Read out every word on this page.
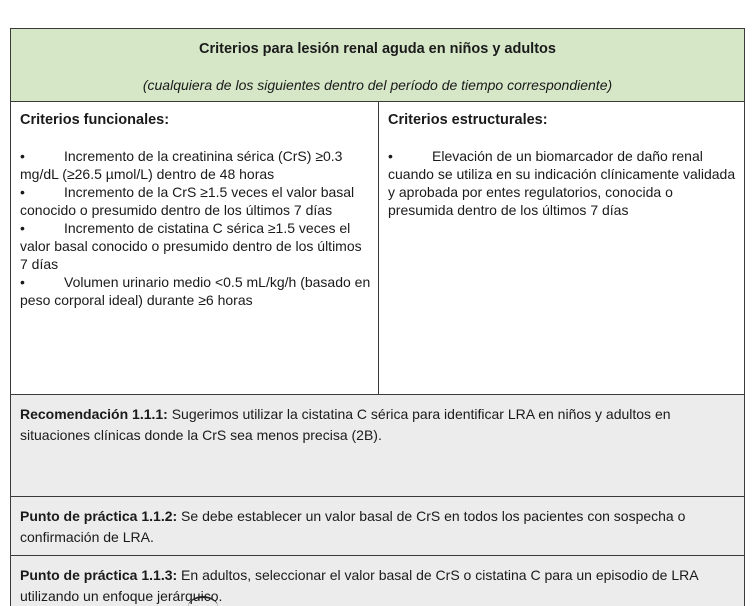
Criterios para lesión renal aguda en niños y adultos
(cualquiera de los siguientes dentro del período de tiempo correspondiente)
Criterios funcionales:
•	Incremento de la creatinina sérica (CrS) ≥0.3 mg/dL (≥26.5 µmol/L) dentro de 48 horas
•	Incremento de la CrS ≥1.5 veces el valor basal conocido o presumido dentro de los últimos 7 días
•	Incremento de cistatina C sérica ≥1.5 veces el valor basal conocido o presumido dentro de los últimos 7 días
•	Volumen urinario medio <0.5 mL/kg/h (basado en peso corporal ideal) durante ≥6 horas
Criterios estructurales:
•	Elevación de un biomarcador de daño renal cuando se utiliza en su indicación clínicamente validada y aprobada por entes regulatorios, conocida o presumida dentro de los últimos 7 días
Recomendación 1.1.1: Sugerimos utilizar la cistatina C sérica para identificar LRA en niños y adultos en situaciones clínicas donde la CrS sea menos precisa (2B).
Punto de práctica 1.1.2: Se debe establecer un valor basal de CrS en todos los pacientes con sospecha o confirmación de LRA.
Punto de práctica 1.1.3: En adultos, seleccionar el valor basal de CrS o cistatina C para un episodio de LRA utilizando un enfoque jerárquico.
